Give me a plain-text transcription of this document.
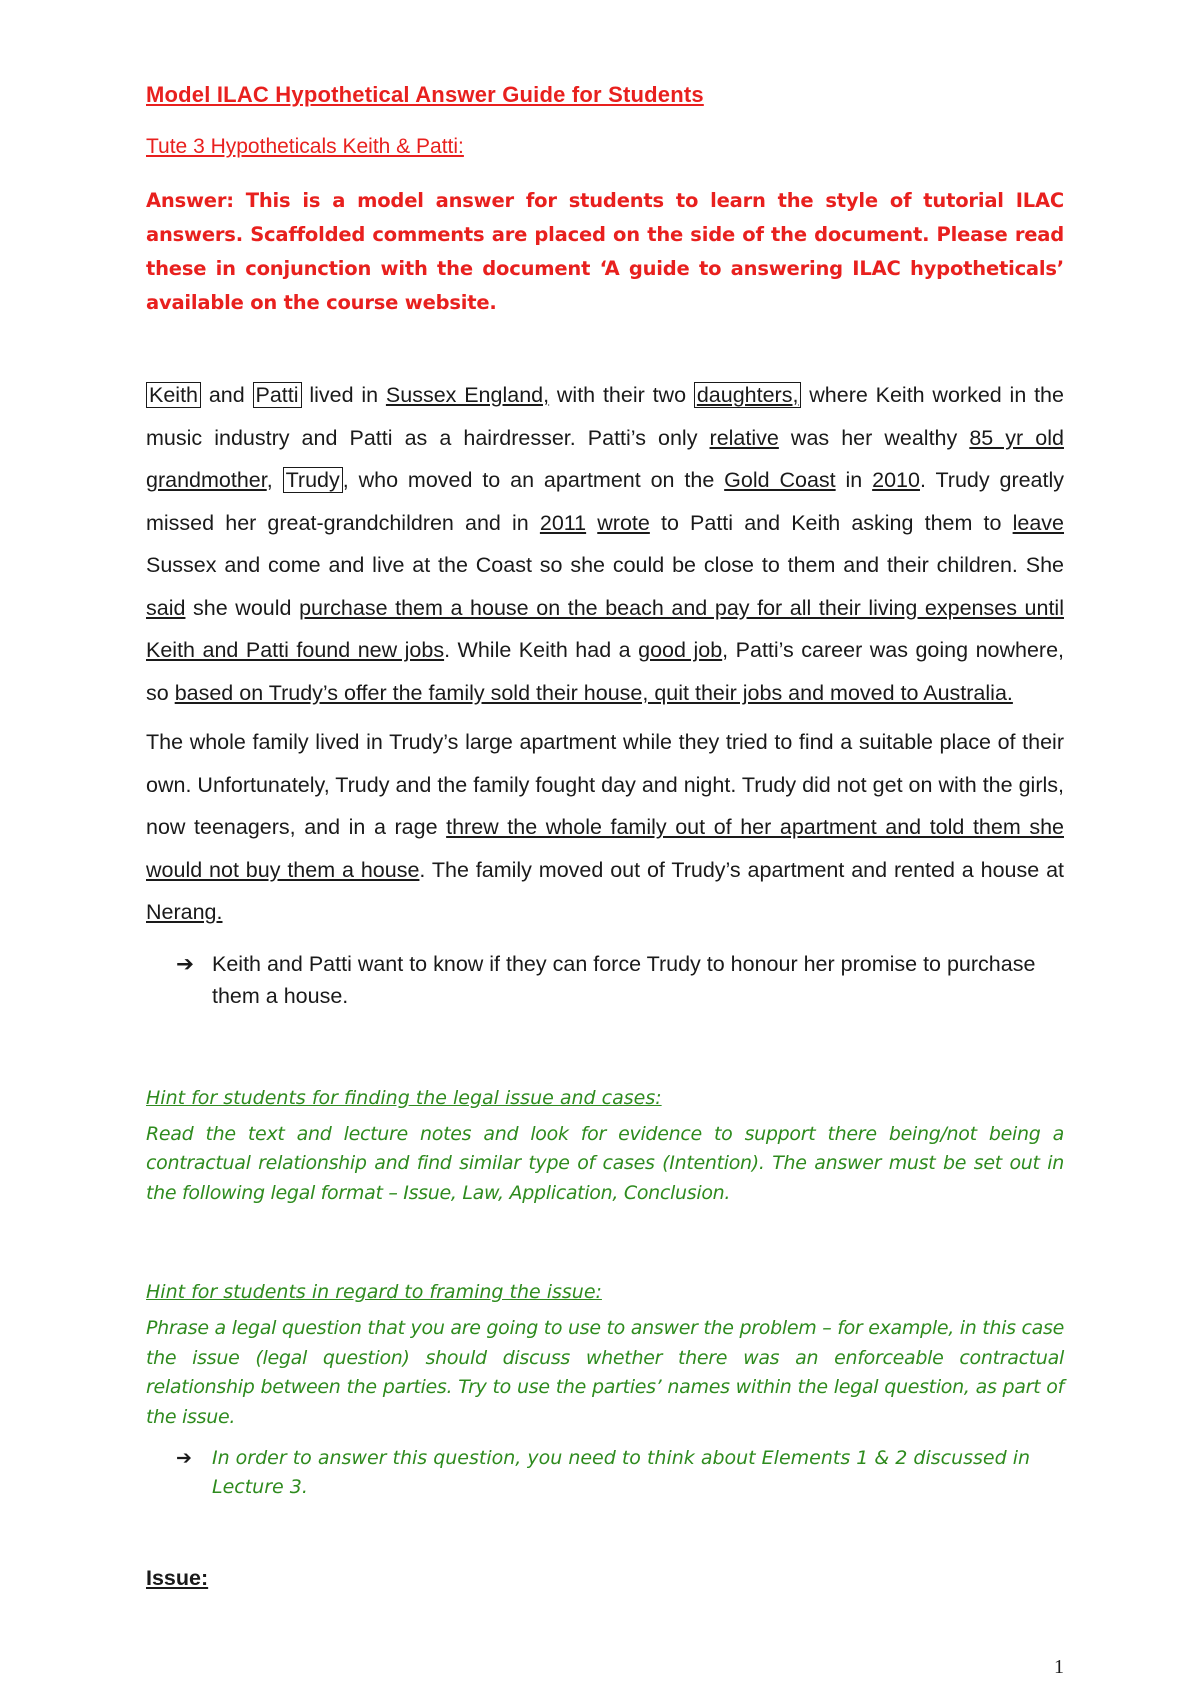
Model ILAC Hypothetical Answer Guide for Students
Tute 3 Hypotheticals Keith & Patti:

Answer: This is a model answer for students to learn the style of tutorial ILAC answers. Scaffolded comments are placed on the side of the document. Please read these in conjunction with the document ‘A guide to answering ILAC hypotheticals’ available on the course website.

Keith and Patti lived in Sussex England, with their two daughters, where Keith worked in the music industry and Patti as a hairdresser. Patti’s only relative was her wealthy 85 yr old grandmother, Trudy , who moved to an apartment on the Gold Coast in 2010. Trudy greatly missed her great-grandchildren and in 2011 wrote to Patti and Keith asking them to leave Sussex and come and live at the Coast so she could be close to them and their children. She said she would purchase them a house on the beach and pay for all their living expenses until Keith and Patti found new jobs. While Keith had a good job, Patti’s career was going nowhere, so based on Trudy’s offer the family sold their house, quit their jobs and moved to Australia.

The whole family lived in Trudy’s large apartment while they tried to find a suitable place of their own. Unfortunately, Trudy and the family fought day and night. Trudy did not get on with the girls, now teenagers, and in a rage threw the whole family out of her apartment and told them she would not buy them a house. The family moved out of Trudy’s apartment and rented a house at Nerang.

➔ Keith and Patti want to know if they can force Trudy to honour her promise to purchase them a house.
Hint for students for finding the legal issue and cases:

Read the text and lecture notes and look for evidence to support there being/not being a contractual relationship and find similar type of cases (Intention). The answer must be set out in the following legal format – Issue, Law, Application, Conclusion.

Hint for students in regard to framing the issue:

Phrase a legal question that you are going to use to answer the problem – for example, in this case the issue (legal question) should discuss whether there was an enforceable contractual relationship between the parties. Try to use the parties’ names within the legal question, as part of the issue.

➔	In order to answer this question, you need to think about Elements 1 & 2 discussed in Lecture 3.
Issue:
1
